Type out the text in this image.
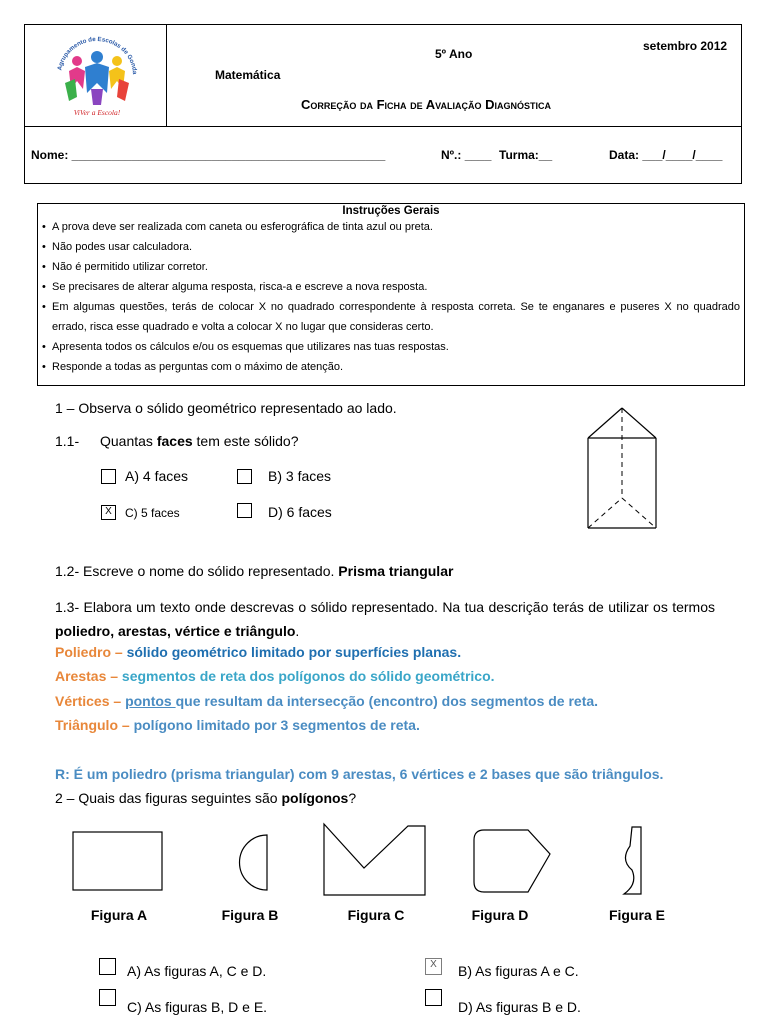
Agrupamento de Escolas de Gonda
ViVer a Escola!
5º Ano
setembro 2012
Matemática
Correção da Ficha de Avaliação Diagnóstica
Nome: _______________________________________________	Nº.: ____ Turma:__	Data: ___/____/____
Instruções Gerais
• A prova deve ser realizada com caneta ou esferográfica de tinta azul ou preta.
• Não podes usar calculadora.
• Não é permitido utilizar corretor.
• Se precisares de alterar alguma resposta, risca-a e escreve a nova resposta.
• Em algumas questões, terás de colocar X no quadrado correspondente à resposta correta. Se te enganares e puseres X no quadrado errado, risca esse quadrado e volta a colocar X no lugar que consideras certo.
• Apresenta todos os cálculos e/ou os esquemas que utilizares nas tuas respostas.
• Responde a todas as perguntas com o máximo de atenção.
1 – Observa o sólido geométrico representado ao lado.
1.1- Quantas faces tem este sólido?
A) 4 faces	B) 3 faces
X	C) 5 faces	D) 6 faces
1.2- Escreve o nome do sólido representado. Prisma triangular
1.3- Elabora um texto onde descrevas o sólido representado. Na tua descrição terás de utilizar os termos poliedro, arestas, vértice e triângulo.
Poliedro – sólido geométrico limitado por superfícies planas.
Arestas – segmentos de reta dos polígonos do sólido geométrico.
Vértices – pontos que resultam da intersecção (encontro) dos segmentos de reta.
Triângulo – polígono limitado por 3 segmentos de reta.
R: É um poliedro (prisma triangular) com 9 arestas, 6 vértices e 2 bases que são triângulos.
2 – Quais das figuras seguintes são polígonos?
Figura A	Figura B	Figura C	Figura D	Figura E
A) As figuras A, C e D.	X	B) As figuras A e C.
C) As figuras B, D e E.	D) As figuras B e D.
